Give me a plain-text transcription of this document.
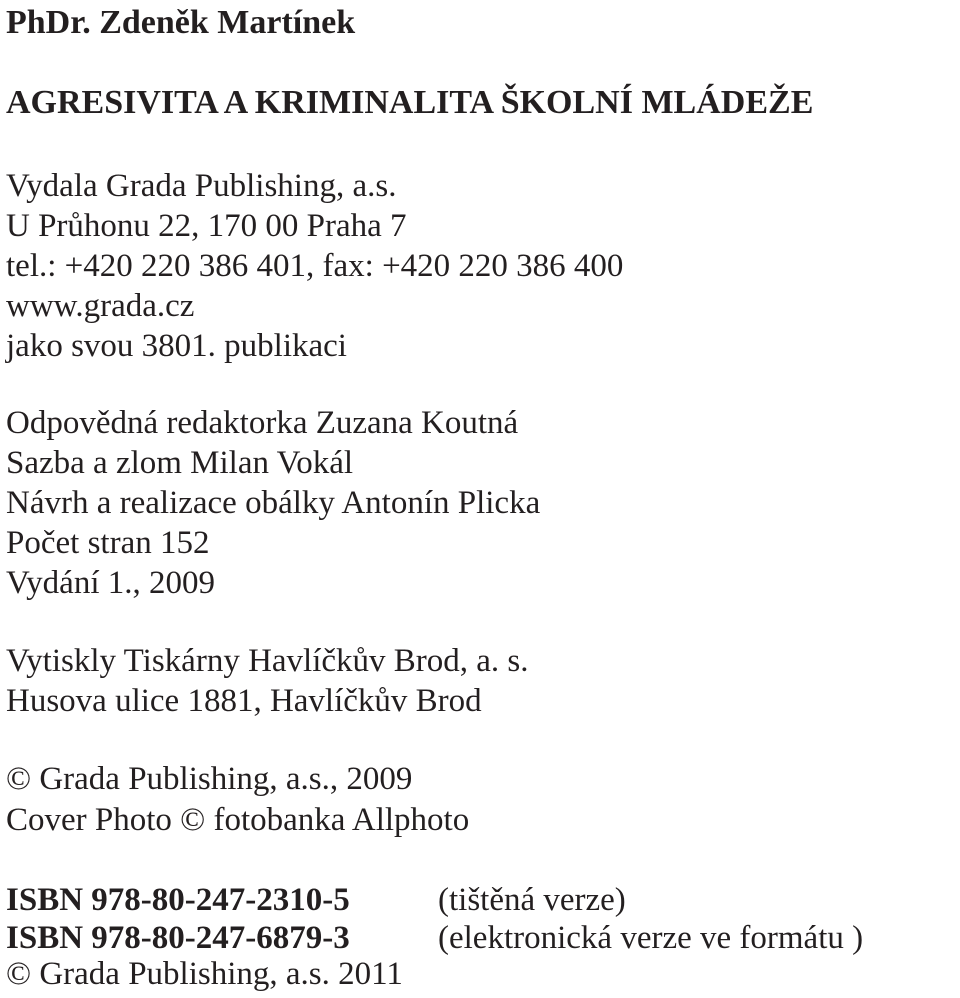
PhDr. Zdeněk Martínek
AGRESIVITA A KRIMINALITA ŠKOLNÍ MLÁDEŽE
Vydala Grada Publishing, a.s.
U Průhonu 22, 170 00 Praha 7
tel.: +420 220 386 401, fax: +420 220 386 400
www.grada.cz
jako svou 3801. publikaci
Odpovědná redaktorka Zuzana Koutná
Sazba a zlom Milan Vokál
Návrh a realizace obálky Antonín Plicka
Počet stran 152
Vydání 1., 2009
Vytiskly Tiskárny Havlíčkův Brod, a. s.
Husova ulice 1881, Havlíčkův Brod
© Grada Publishing, a.s., 2009
Cover Photo © fotobanka Allphoto
ISBN 978-80-247-2310-5	(tištěná verze)
ISBN 978-80-247-6879-3	(elektronická verze ve formátu )
© Grada Publishing, a.s. 2011
